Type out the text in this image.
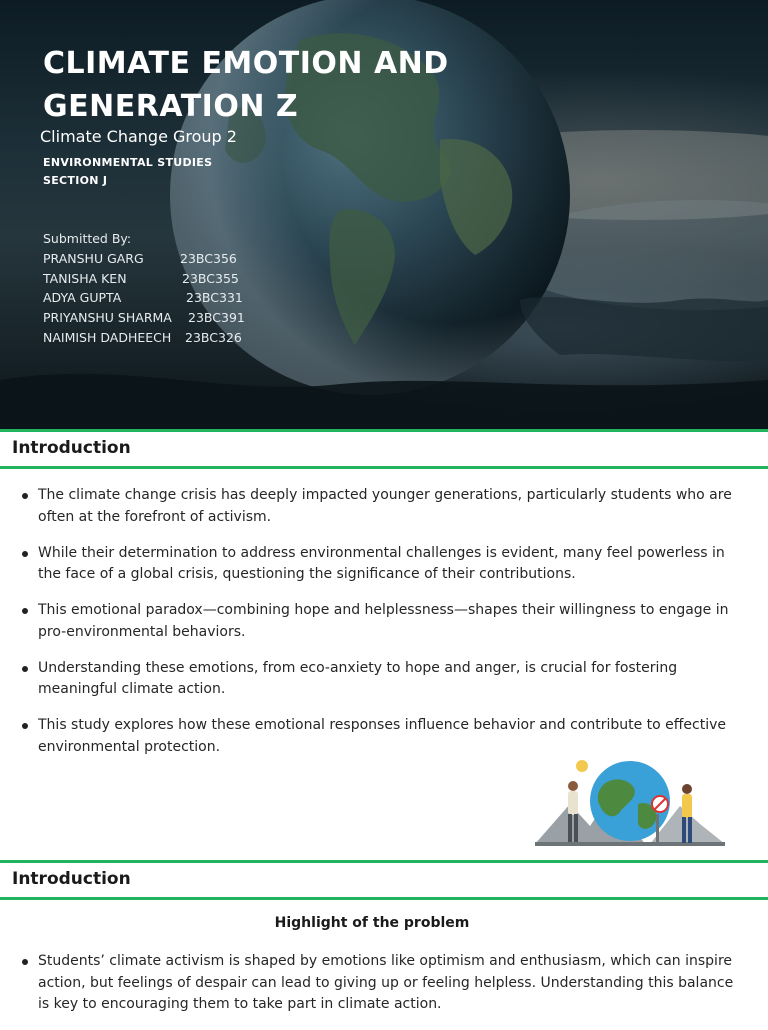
CLIMATE EMOTION AND GENERATION Z
Climate Change Group 2
ENVIRONMENTAL STUDIES
SECTION J
Submitted By:
PRANSHU GARG	23BC356
TANISHA KEN	23BC355
ADYA GUPTA	23BC331
PRIYANSHU SHARMA 23BC391
NAIMISH DADHEECH 23BC326
Introduction
The climate change crisis has deeply impacted younger generations, particularly students who are often at the forefront of activism.
While their determination to address environmental challenges is evident, many feel powerless in the face of a global crisis, questioning the significance of their contributions.
This emotional paradox—combining hope and helplessness—shapes their willingness to engage in pro-environmental behaviors.
Understanding these emotions, from eco-anxiety to hope and anger, is crucial for fostering meaningful climate action.
This study explores how these emotional responses influence behavior and contribute to effective environmental protection.
Introduction
Highlight of the problem
Students’ climate activism is shaped by emotions like optimism and enthusiasm, which can inspire action, but feelings of despair can lead to giving up or feeling helpless. Understanding this balance is key to encouraging them to take part in climate action.
